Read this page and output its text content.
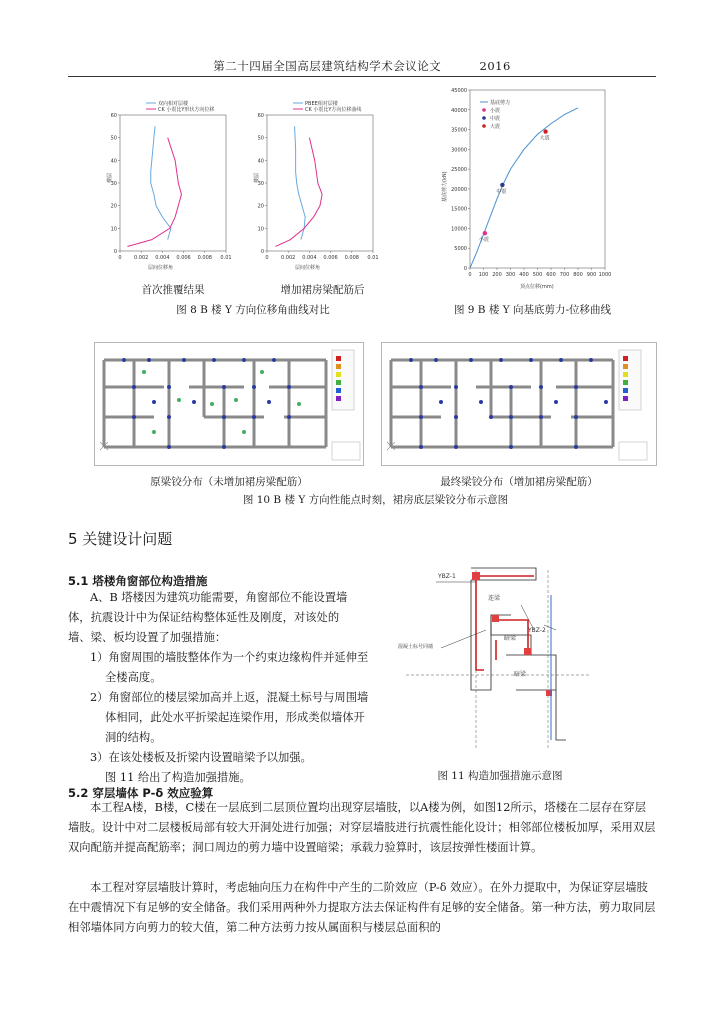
第二十四届全国高层建筑结构学术会议论文	2016
双向相对层楼
CK 小震比Y形状方向位移
0 0.002 0.004 0.006 0.008 0.01
0
10
20
30
40
50
60
楼层
层间位移角
首次推覆结果
PBEE相对层楼
CK 小震比Y方向位移曲线
0 0.002 0.004 0.006 0.008 0.01
0
10
20
30
40
50
60
楼层
层间位移角
增加裙房梁配筋后
图 8 B 楼 Y 方向位移角曲线对比
基底剪力
小震
中震
大震
0 100 200 300 400 500 600 700 800 900 1000
0
5000
10000
15000
20000
25000
30000
35000
40000
45000
小震
中震
大震
基底剪力(kN)
顶点位移(mm)
图 9 B 楼 Y 向基底剪力-位移曲线
原梁铰分布（未增加裙房梁配筋）	最终梁铰分布（增加裙房梁配筋）
图 10 B 楼 Y 方向性能点时刻，裙房底层梁铰分布示意图
5 关键设计问题
5.1 塔楼角窗部位构造措施
A、B 塔楼因为建筑功能需要，角窗部位不能设置墙体，抗震设计中为保证结构整体延性及刚度，对该处的墙、梁、板均设置了加强措施：
1）角窗周围的墙肢整体作为一个约束边缘构件并延伸至全楼高度。
2）角窗部位的楼层梁加高并上返，混凝土标号与周围墙体相同，此处水平折梁起连梁作用，形成类似墙体开洞的结构。
3）在该处楼板及折梁内设置暗梁予以加强。
图 11 给出了构造加强措施。
YBZ-1
YBZ-2
连梁
暗梁
暗梁
混凝土标号同墙
图 11 构造加强措施示意图
5.2 穿层墙体 P-δ 效应验算
本工程A楼，B楼，C楼在一层底到二层顶位置均出现穿层墙肢，以A楼为例，如图12所示，塔楼在二层存在穿层墙肢。设计中对二层楼板局部有较大开洞处进行加强；对穿层墙肢进行抗震性能化设计；相邻部位楼板加厚，采用双层双向配筋并提高配筋率；洞口周边的剪力墙中设置暗梁；承载力验算时，该层按弹性楼面计算。
本工程对穿层墙肢计算时，考虑轴向压力在构件中产生的二阶效应（P-δ 效应）。在外力提取中，为保证穿层墙肢在中震情况下有足够的安全储备。我们采用两种外力提取方法去保证构件有足够的安全储备。第一种方法，剪力取同层相邻墙体同方向剪力的较大值，第二种方法剪力按从属面积与楼层总面积的
